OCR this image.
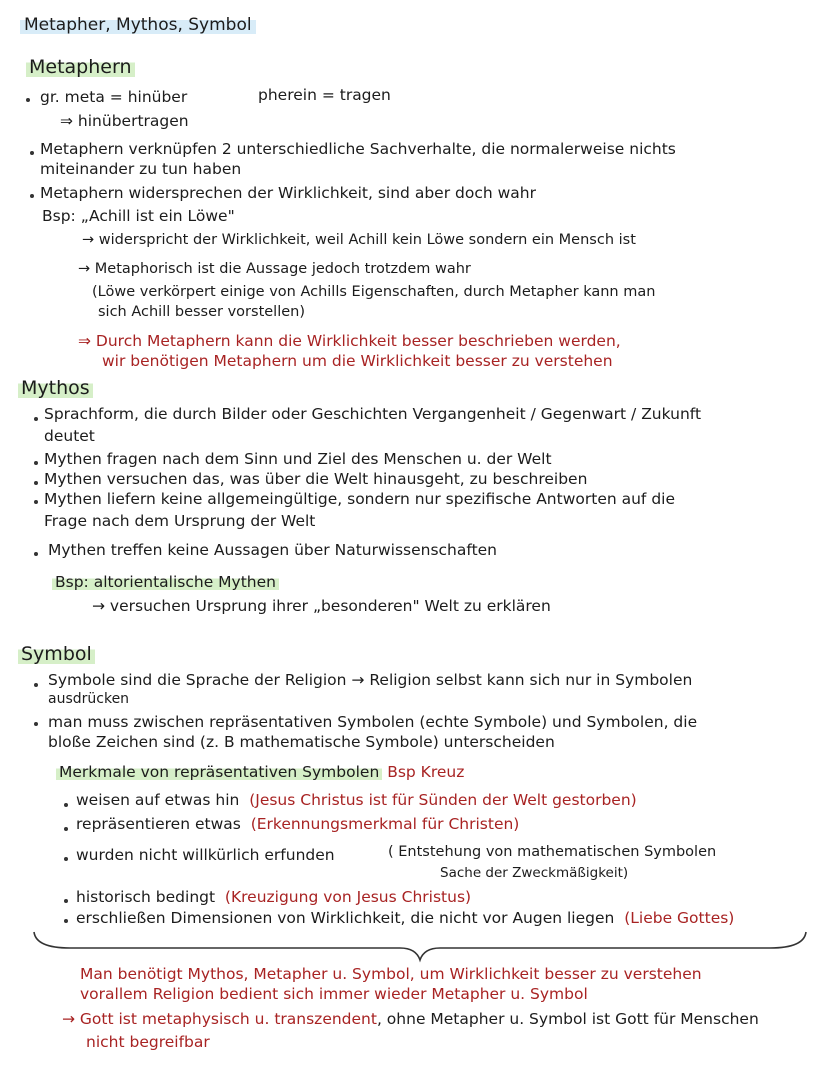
Metapher, Mythos, Symbol
Metaphern
gr. meta = hinüber	pherein = tragen
⇒ hinübertragen
Metaphern verknüpfen 2 unterschiedliche Sachverhalte, die normalerweise nichts
miteinander zu tun haben
Metaphern widersprechen der Wirklichkeit, sind aber doch wahr
Bsp: „Achill ist ein Löwe"
→ widerspricht der Wirklichkeit, weil Achill kein Löwe sondern ein Mensch ist
→ Metaphorisch ist die Aussage jedoch trotzdem wahr
(Löwe verkörpert einige von Achills Eigenschaften, durch Metapher kann man
sich Achill besser vorstellen)
⇒ Durch Metaphern kann die Wirklichkeit besser beschrieben werden,
wir benötigen Metaphern um die Wirklichkeit besser zu verstehen
Mythos
Sprachform, die durch Bilder oder Geschichten Vergangenheit / Gegenwart / Zukunft
deutet
Mythen fragen nach dem Sinn und Ziel des Menschen u. der Welt
Mythen versuchen das, was über die Welt hinausgeht, zu beschreiben
Mythen liefern keine allgemeingültige, sondern nur spezifische Antworten auf die
Frage nach dem Ursprung der Welt
Mythen treffen keine Aussagen über Naturwissenschaften
Bsp: altorientalische Mythen
→ versuchen Ursprung ihrer „besonderen" Welt zu erklären
Symbol
Symbole sind die Sprache der Religion → Religion selbst kann sich nur in Symbolen
ausdrücken
man muss zwischen repräsentativen Symbolen (echte Symbole) und Symbolen, die
bloße Zeichen sind (z. B mathematische Symbole) unterscheiden
Merkmale von repräsentativen Symbolen Bsp Kreuz
weisen auf etwas hin (Jesus Christus ist für Sünden der Welt gestorben)
repräsentieren etwas (Erkennungsmerkmal für Christen)
wurden nicht willkürlich erfunden	( Entstehung von mathematischen Symbolen
Sache der Zweckmäßigkeit)
historisch bedingt (Kreuzigung von Jesus Christus)
erschließen Dimensionen von Wirklichkeit, die nicht vor Augen liegen (Liebe Gottes)
Man benötigt Mythos, Metapher u. Symbol, um Wirklichkeit besser zu verstehen
vorallem Religion bedient sich immer wieder Metapher u. Symbol
→ Gott ist metaphysisch u. transzendent, ohne Metapher u. Symbol ist Gott für Menschen
nicht begreifbar
